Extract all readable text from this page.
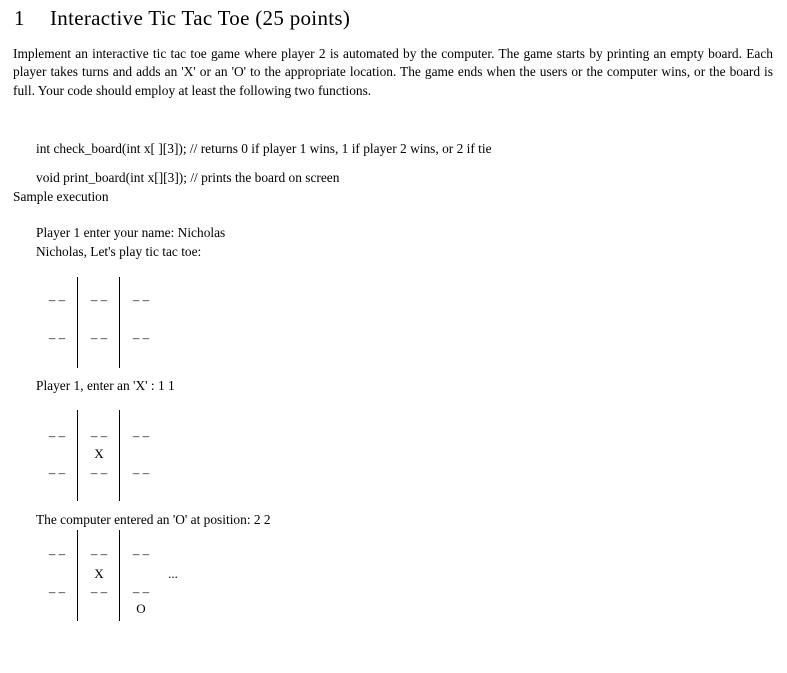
1 Interactive Tic Tac Toe (25 points)

Implement an interactive tic tac toe game where player 2 is automated by the computer. The game starts by printing an empty board. Each player takes turns and adds an 'X' or an 'O' to the appropriate location. The game ends when the users or the computer wins, or the board is full. Your code should employ at least the following two functions.

int check_board(int x[ ][3]); // returns 0 if player 1 wins, 1 if player 2 wins, or 2 if tie
void print_board(int x[][3]); // prints the board on screen
Sample execution
Player 1 enter your name: Nicholas
Nicholas, Let's play tic tac toe:
– –	– –	– –
– –	– –	– –
Player 1, enter an 'X' : 1 1
– –	– –	– –
X
– –	– –	– –
The computer entered an 'O' at position: 2 2
– –	– –	– –
X	...
– –	– –	– –
O
